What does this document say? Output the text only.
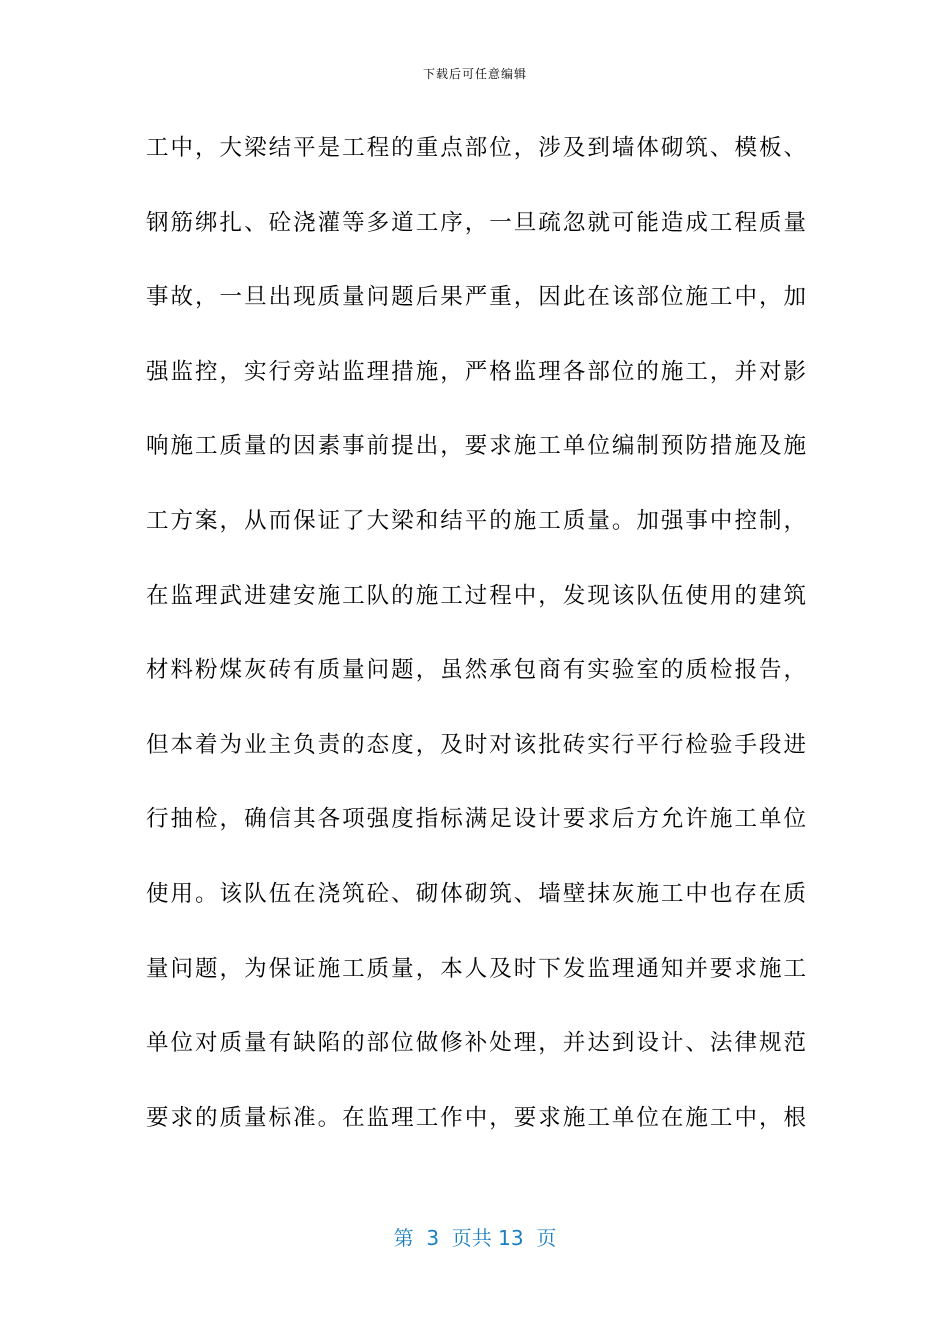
下载后可任意编辑
工中，大梁结平是工程的重点部位，涉及到墙体砌筑、模板、
钢筋绑扎、砼浇灌等多道工序，一旦疏忽就可能造成工程质量
事故，一旦出现质量问题后果严重，因此在该部位施工中，加
强监控，实行旁站监理措施，严格监理各部位的施工，并对影
响施工质量的因素事前提出，要求施工单位编制预防措施及施
工方案，从而保证了大梁和结平的施工质量。加强事中控制，
在监理武进建安施工队的施工过程中，发现该队伍使用的建筑
材料粉煤灰砖有质量问题，虽然承包商有实验室的质检报告，
但本着为业主负责的态度，及时对该批砖实行平行检验手段进
行抽检，确信其各项强度指标满足设计要求后方允许施工单位
使用。该队伍在浇筑砼、砌体砌筑、墙壁抹灰施工中也存在质
量问题，为保证施工质量，本人及时下发监理通知并要求施工
单位对质量有缺陷的部位做修补处理，并达到设计、法律规范
要求的质量标准。在监理工作中，要求施工单位在施工中，根
第  3  页共 13  页
